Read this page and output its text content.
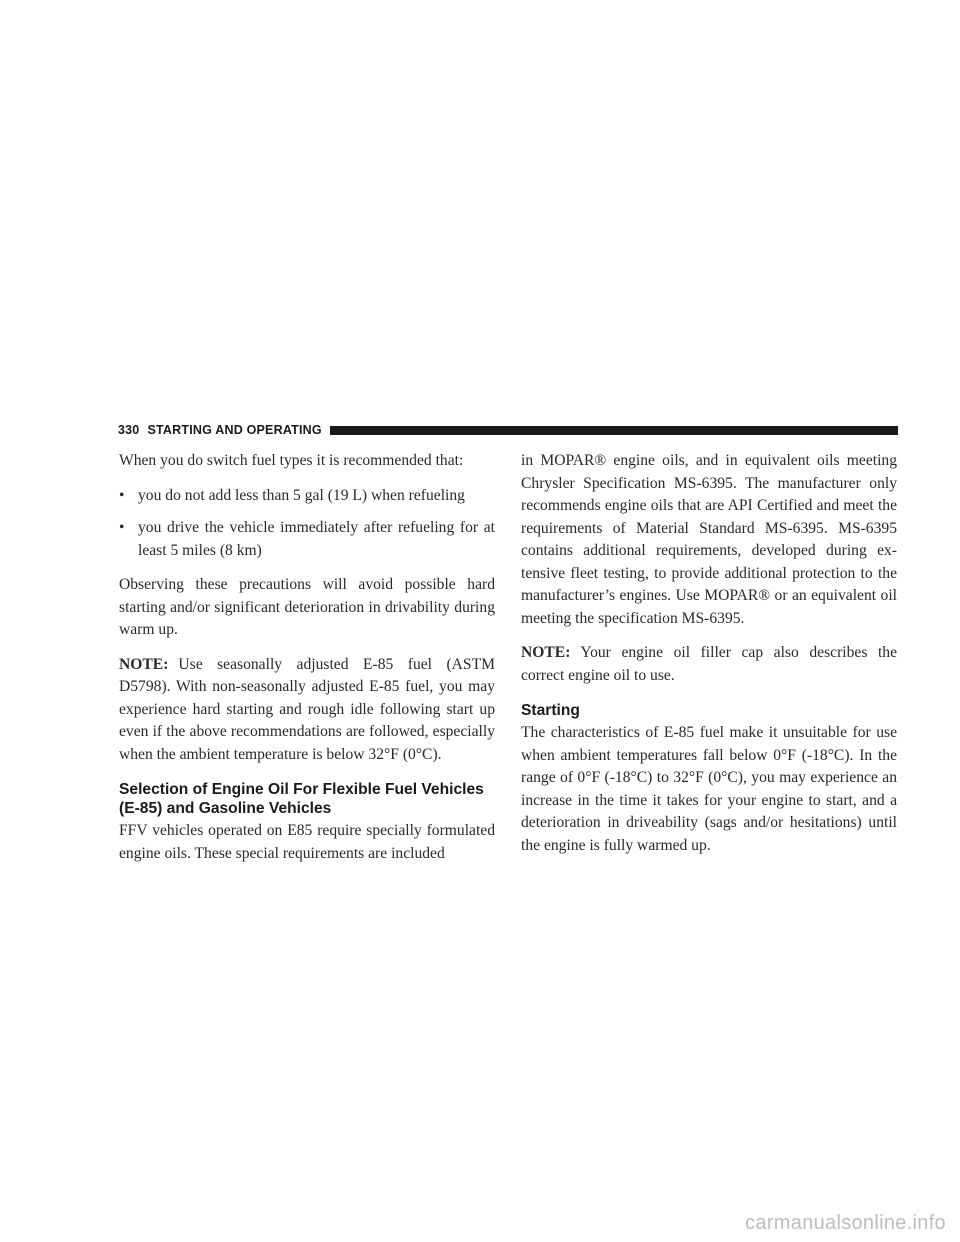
330 STARTING AND OPERATING

When you do switch fuel types it is recommended that:

• you do not add less than 5 gal (19 L) when refueling
• you drive the vehicle immediately after refueling for at least 5 miles (8 km)

Observing these precautions will avoid possible hard starting and/or significant deterioration in drivability during warm up.

NOTE: Use seasonally adjusted E-85 fuel (ASTM D5798). With non-seasonally adjusted E-85 fuel, you may experience hard starting and rough idle following start up even if the above recommendations are followed, especially when the ambient temperature is below 32°F (0°C).

Selection of Engine Oil For Flexible Fuel Vehicles (E-85) and Gasoline Vehicles

FFV vehicles operated on E85 require specially formulated engine oils. These special requirements are included

in MOPAR® engine oils, and in equivalent oils meeting Chrysler Specification MS-6395. The manufacturer only recommends engine oils that are API Certified and meet the requirements of Material Standard MS-6395. MS-6395 contains additional requirements, developed during extensive fleet testing, to provide additional protection to the manufacturer’s engines. Use MOPAR® or an equivalent oil meeting the specification MS-6395.

NOTE: Your engine oil filler cap also describes the correct engine oil to use.

Starting

The characteristics of E-85 fuel make it unsuitable for use when ambient temperatures fall below 0°F (-18°C). In the range of 0°F (-18°C) to 32°F (0°C), you may experience an increase in the time it takes for your engine to start, and a deterioration in driveability (sags and/or hesitations) until the engine is fully warmed up.

carmanualsonline.info
